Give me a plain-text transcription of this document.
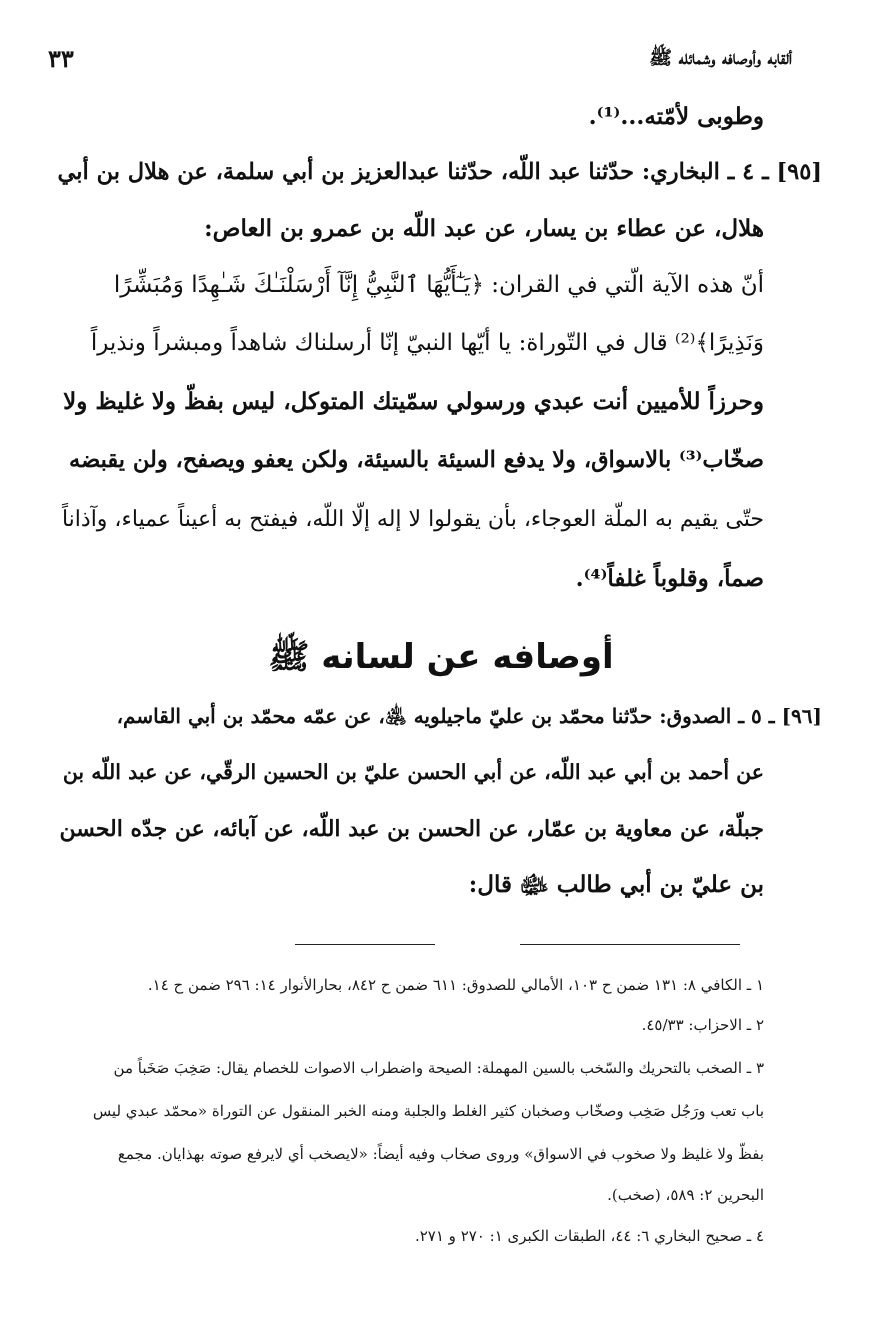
٣٣	ألقابه وأوصافه وشمائله ﷺ
وطوبى لأمّته...⁽¹⁾.
[٩٥] ـ ٤ ـ البخاري: حدّثنا عبد اللّه، حدّثنا عبدالعزيز بن أبي سلمة، عن هلال بن أبي
هلال، عن عطاء بن يسار، عن عبد اللّه بن عمرو بن العاص:
أنّ هذه الآية الّتي في القران: ﴿يَـٰٓأَيُّهَا ٱلنَّبِيُّ إِنَّآ أَرْسَلْنَـٰكَ شَـٰهِدًا وَمُبَشِّرًا
وَنَذِيرًا﴾⁽²⁾ قال في التّوراة: يا أيّها النبيّ إنّا أرسلناك شاهداً ومبشراً ونذيراً
وحرزاً للأميين أنت عبدي ورسولي سمّيتك المتوكل، ليس بفظّ ولا غليظ ولا
صخّاب⁽³⁾ بالاسواق، ولا يدفع السيئة بالسيئة، ولكن يعفو ويصفح، ولن يقبضه
حتّى يقيم به الملّة العوجاء، بأن يقولوا لا إله إلّا اللّه، فيفتح به أعيناً عمياء، وآذاناً
صماً، وقلوباً غلفاً⁽⁴⁾.
أوصافه عن لسانه ﷺ
[٩٦] ـ ٥ ـ الصدوق: حدّثنا محمّد بن عليّ ماجيلويه ﵁، عن عمّه محمّد بن أبي القاسم،
عن أحمد بن أبي عبد اللّه، عن أبي الحسن عليّ بن الحسين الرقّي، عن عبد اللّه بن
جبلّة، عن معاوية بن عمّار، عن الحسن بن عبد اللّه، عن آبائه، عن جدّه الحسن
بن عليّ بن أبي طالب ﵉ قال:
١ ـ الكافي ٨: ١٣١ ضمن ح ١٠٣، الأمالي للصدوق: ٦١١ ضمن ح ٨٤٢، بحارالأنوار ١٤: ٢٩٦ ضمن ح ١٤.
٢ ـ الاحزاب: ٤٥/٣٣.
٣ ـ الصخب بالتحريك والسّخب بالسين المهملة: الصيحة واضطراب الاصوات للخصام يقال: صَخِبَ صَخَباً من
باب تعب ورَجُل صَخِب وصخّاب وصخبان كثير الغلط والجلبة ومنه الخبر المنقول عن التوراة «محمّد عبدي ليس
بفظّ ولا غليظ ولا صخوب في الاسواق» وروى صخاب وفيه أيضاً: «لايصخب أي لايرفع صوته بهذايان. مجمع
البحرين ٢: ٥٨٩، (صخب).
٤ ـ صحيح البخاري ٦: ٤٤، الطبقات الكبرى ١: ٢٧٠ و ٢٧١.
